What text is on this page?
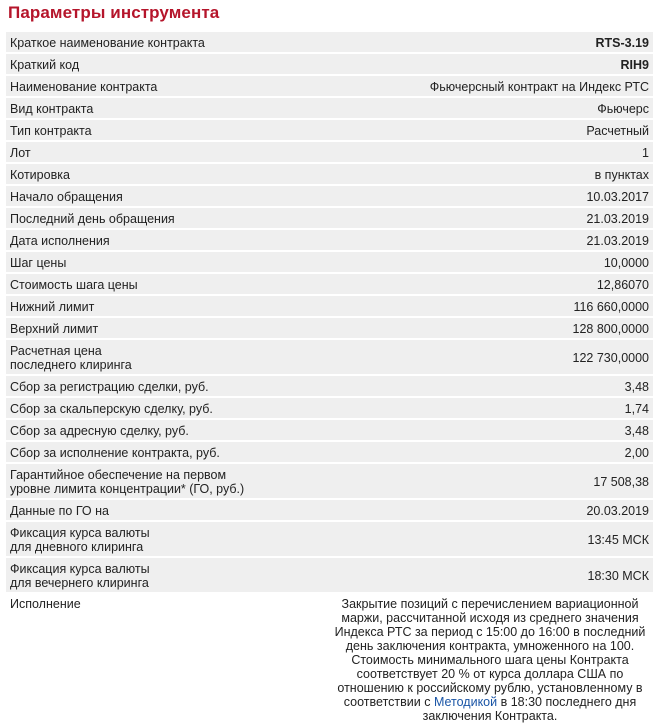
Параметры инструмента
Краткое наименование контракта	RTS-3.19
Краткий код	RIH9
Наименование контракта	Фьючерсный контракт на Индекс РТС
Вид контракта	Фьючерс
Тип контракта	Расчетный
Лот	1
Котировка	в пунктах
Начало обращения	10.03.2017
Последний день обращения	21.03.2019
Дата исполнения	21.03.2019
Шаг цены	10,0000
Стоимость шага цены	12,86070
Нижний лимит	116 660,0000
Верхний лимит	128 800,0000
Расчетная цена
последнего клиринга	122 730,0000
Сбор за регистрацию сделки, руб.	3,48
Сбор за скальперскую сделку, руб.	1,74
Сбор за адресную сделку, руб.	3,48
Сбор за исполнение контракта, руб.	2,00
Гарантийное обеспечение на первом
уровне лимита концентрации* (ГО, руб.)	17 508,38
Данные по ГО на	20.03.2019
Фиксация курса валюты
для дневного клиринга	13:45 МСК
Фиксация курса валюты
для вечернего клиринга	18:30 МСК
Исполнение	Закрытие позиций с перечислением вариационной маржи, рассчитанной исходя из среднего значения Индекса РТС за период с 15:00 до 16:00 в последний день заключения контракта, умноженного на 100. Стоимость минимального шага цены Контракта соответствует 20 % от курса доллара США по отношению к российскому рублю, установленному в соответствии с Методикой в 18:30 последнего дня заключения Контракта.
